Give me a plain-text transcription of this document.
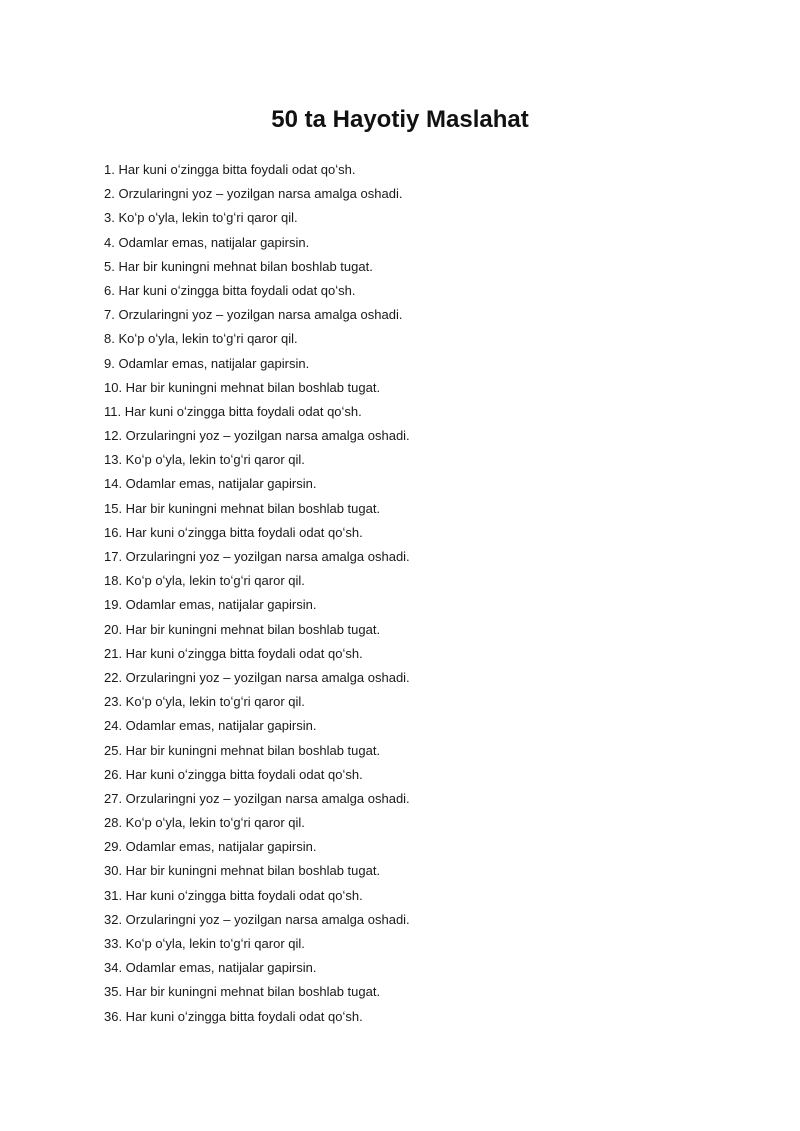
50 ta Hayotiy Maslahat
1. Har kuni oʻzingga bitta foydali odat qoʻsh.
2. Orzularingni yoz – yozilgan narsa amalga oshadi.
3. Koʻp oʻyla, lekin toʻgʻri qaror qil.
4. Odamlar emas, natijalar gapirsin.
5. Har bir kuningni mehnat bilan boshlab tugat.
6. Har kuni oʻzingga bitta foydali odat qoʻsh.
7. Orzularingni yoz – yozilgan narsa amalga oshadi.
8. Koʻp oʻyla, lekin toʻgʻri qaror qil.
9. Odamlar emas, natijalar gapirsin.
10. Har bir kuningni mehnat bilan boshlab tugat.
11. Har kuni oʻzingga bitta foydali odat qoʻsh.
12. Orzularingni yoz – yozilgan narsa amalga oshadi.
13. Koʻp oʻyla, lekin toʻgʻri qaror qil.
14. Odamlar emas, natijalar gapirsin.
15. Har bir kuningni mehnat bilan boshlab tugat.
16. Har kuni oʻzingga bitta foydali odat qoʻsh.
17. Orzularingni yoz – yozilgan narsa amalga oshadi.
18. Koʻp oʻyla, lekin toʻgʻri qaror qil.
19. Odamlar emas, natijalar gapirsin.
20. Har bir kuningni mehnat bilan boshlab tugat.
21. Har kuni oʻzingga bitta foydali odat qoʻsh.
22. Orzularingni yoz – yozilgan narsa amalga oshadi.
23. Koʻp oʻyla, lekin toʻgʻri qaror qil.
24. Odamlar emas, natijalar gapirsin.
25. Har bir kuningni mehnat bilan boshlab tugat.
26. Har kuni oʻzingga bitta foydali odat qoʻsh.
27. Orzularingni yoz – yozilgan narsa amalga oshadi.
28. Koʻp oʻyla, lekin toʻgʻri qaror qil.
29. Odamlar emas, natijalar gapirsin.
30. Har bir kuningni mehnat bilan boshlab tugat.
31. Har kuni oʻzingga bitta foydali odat qoʻsh.
32. Orzularingni yoz – yozilgan narsa amalga oshadi.
33. Koʻp oʻyla, lekin toʻgʻri qaror qil.
34. Odamlar emas, natijalar gapirsin.
35. Har bir kuningni mehnat bilan boshlab tugat.
36. Har kuni oʻzingga bitta foydali odat qoʻsh.
